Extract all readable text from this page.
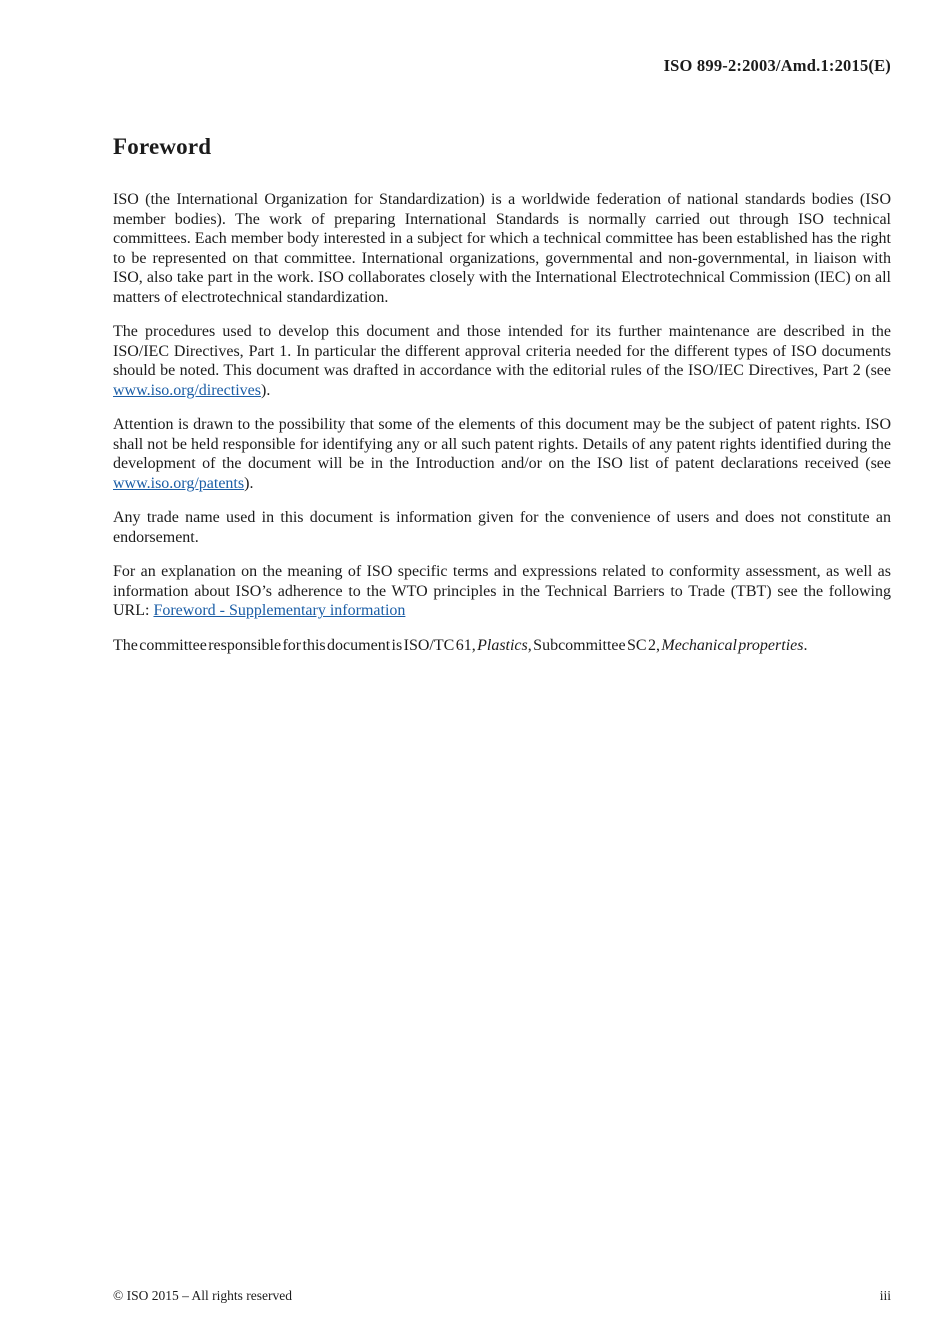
ISO 899-2:2003/Amd.1:2015(E)
Foreword

ISO (the International Organization for Standardization) is a worldwide federation of national standards bodies (ISO member bodies). The work of preparing International Standards is normally carried out through ISO technical committees. Each member body interested in a subject for which a technical committee has been established has the right to be represented on that committee. International organizations, governmental and non-governmental, in liaison with ISO, also take part in the work. ISO collaborates closely with the International Electrotechnical Commission (IEC) on all matters of electrotechnical standardization.

The procedures used to develop this document and those intended for its further maintenance are described in the ISO/IEC Directives, Part 1. In particular the different approval criteria needed for the different types of ISO documents should be noted. This document was drafted in accordance with the editorial rules of the ISO/IEC Directives, Part 2 (see www.iso.org/directives).

Attention is drawn to the possibility that some of the elements of this document may be the subject of patent rights. ISO shall not be held responsible for identifying any or all such patent rights. Details of any patent rights identified during the development of the document will be in the Introduction and/or on the ISO list of patent declarations received (see www.iso.org/patents).

Any trade name used in this document is information given for the convenience of users and does not constitute an endorsement.

For an explanation on the meaning of ISO specific terms and expressions related to conformity assessment, as well as information about ISO’s adherence to the WTO principles in the Technical Barriers to Trade (TBT) see the following URL: Foreword - Supplementary information

The committee responsible for this document is ISO/TC 61, Plastics, Subcommittee SC 2, Mechanical properties.

© ISO 2015 – All rights reserved	iii
